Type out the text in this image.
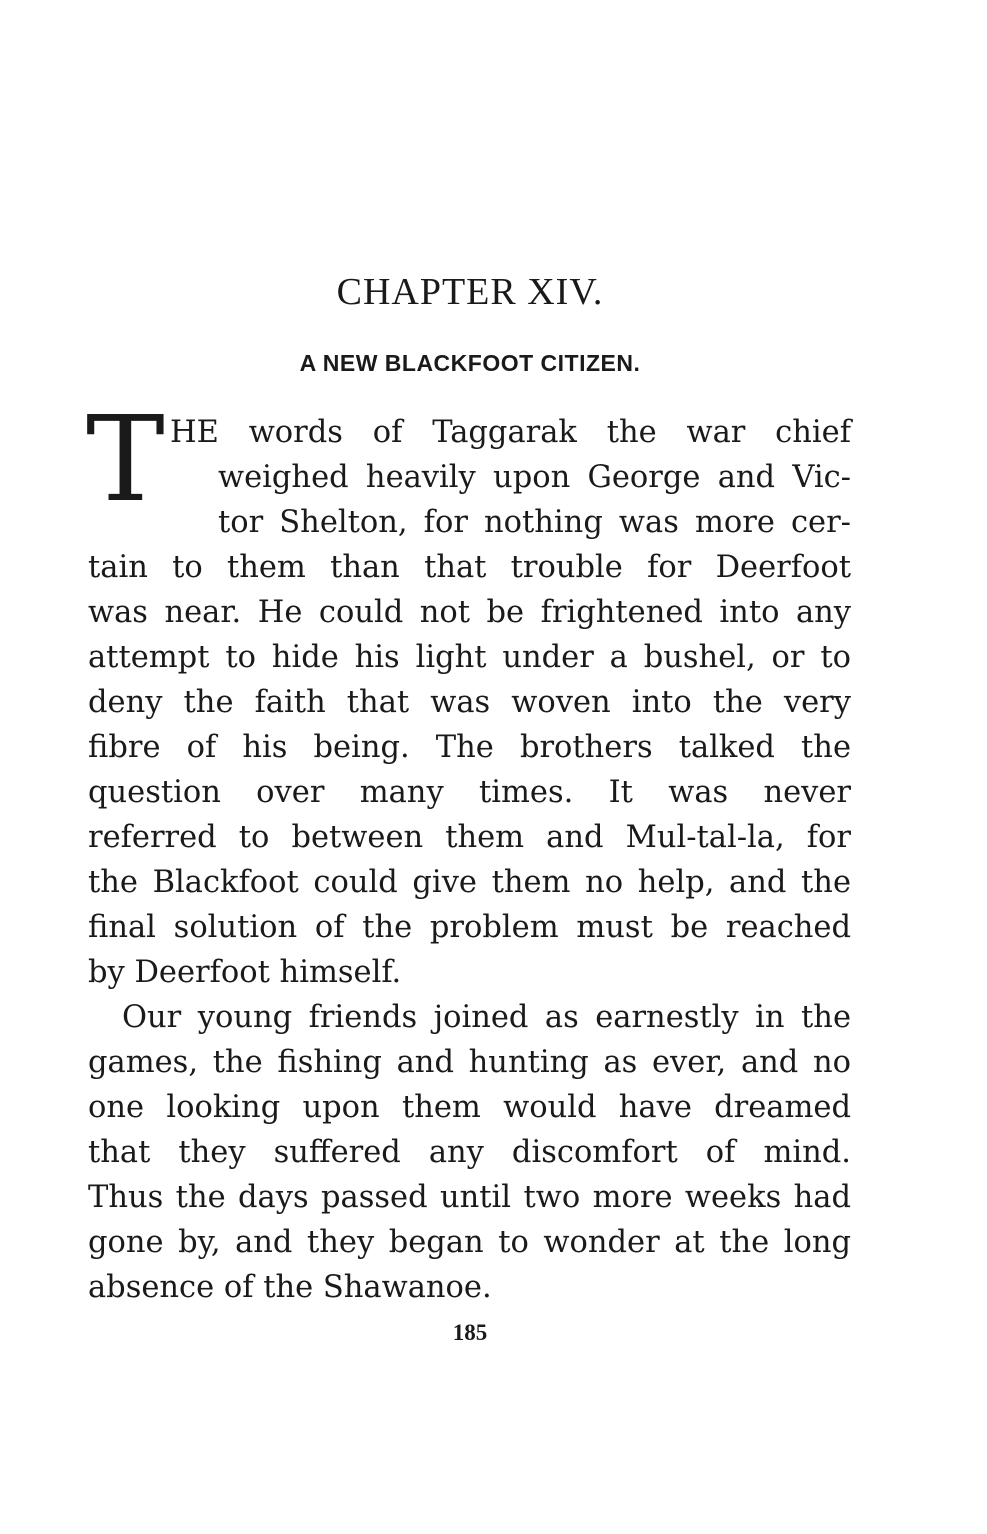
CHAPTER XIV.
A NEW BLACKFOOT CITIZEN.
T HE words of Taggarak the war chief
weighed heavily upon George and Vic-
tor Shelton, for nothing was more cer-
tain to them than that trouble for Deerfoot
was near. He could not be frightened into any
attempt to hide his light under a bushel, or to
deny the faith that was woven into the very
fibre of his being. The brothers talked the
question over many times. It was never
referred to between them and Mul-tal-la, for
the Blackfoot could give them no help, and the
final solution of the problem must be reached
by Deerfoot himself.
Our young friends joined as earnestly in the
games, the fishing and hunting as ever, and no
one looking upon them would have dreamed
that they suffered any discomfort of mind.
Thus the days passed until two more weeks had
gone by, and they began to wonder at the long
absence of the Shawanoe.
185
